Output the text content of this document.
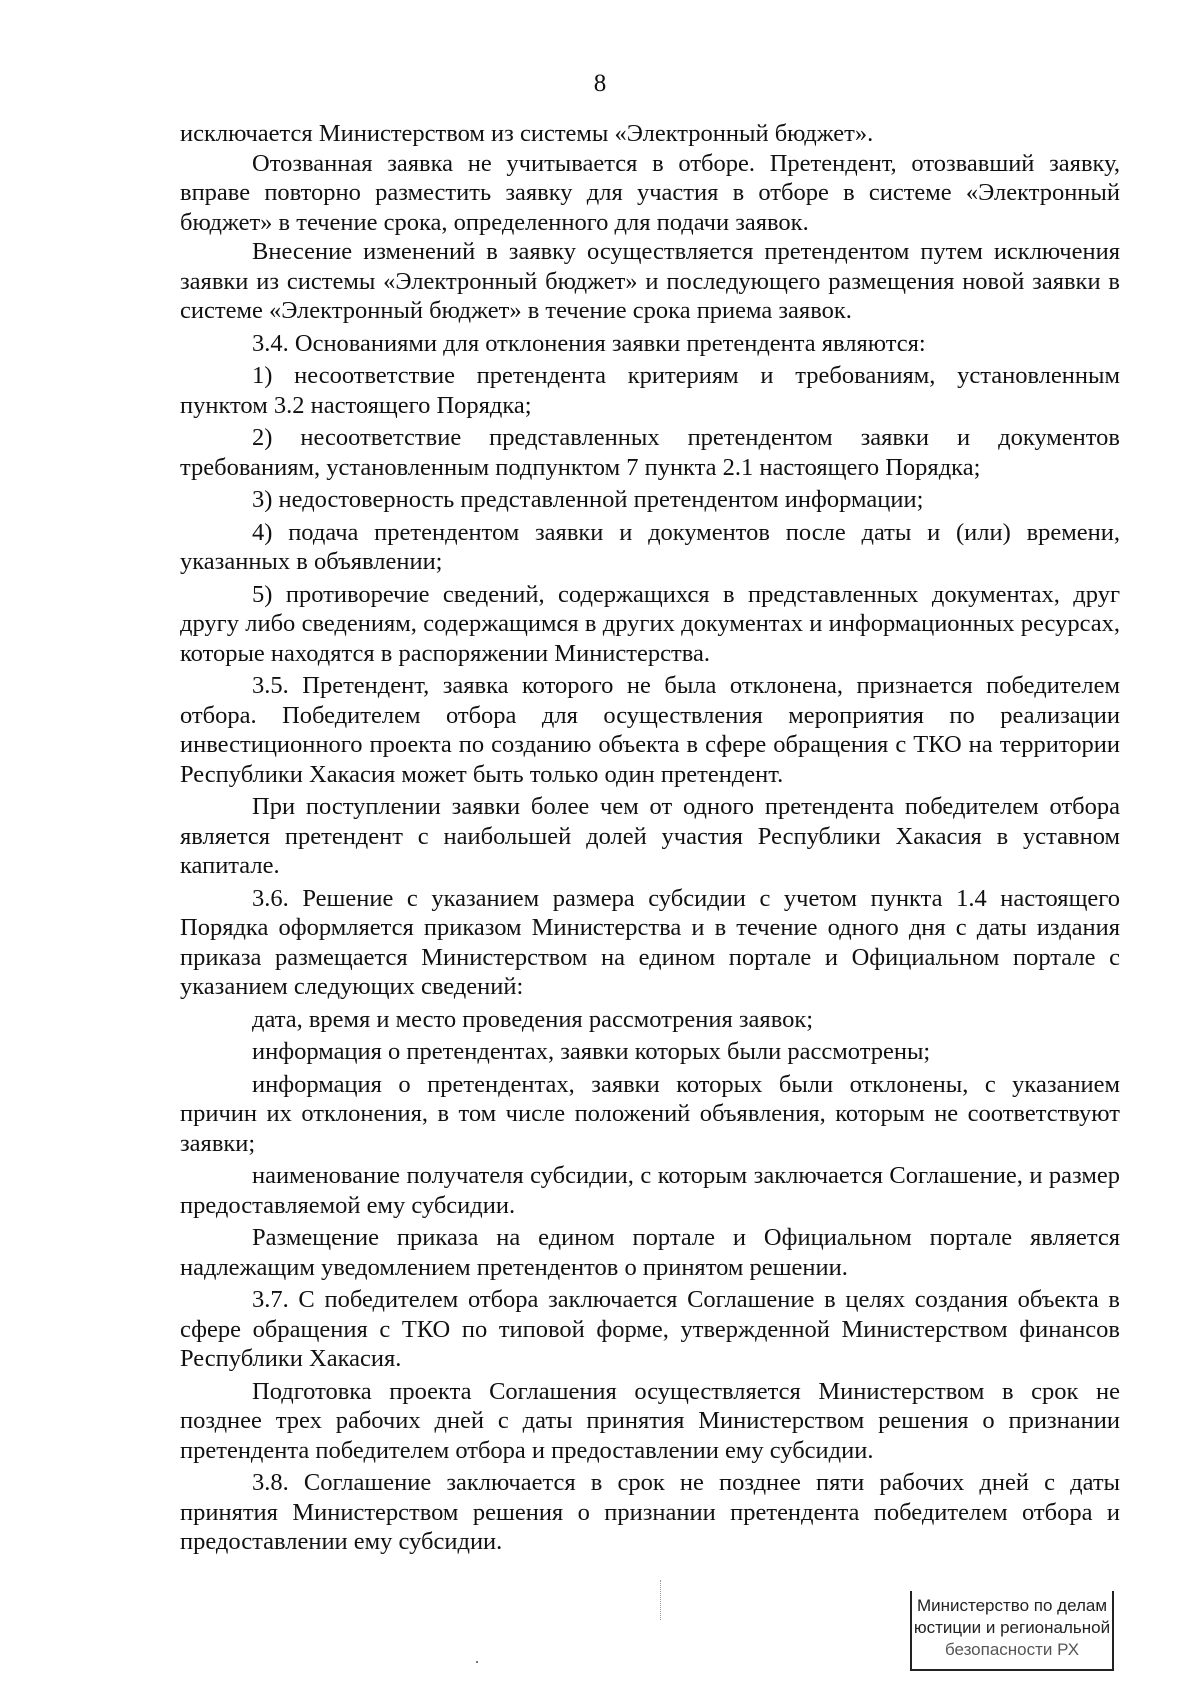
8

исключается Министерством из системы «Электронный бюджет».

Отозванная заявка не учитывается в отборе. Претендент, отозвавший заявку, вправе повторно разместить заявку для участия в отборе в системе «Электронный бюджет» в течение срока, определенного для подачи заявок.

Внесение изменений в заявку осуществляется претендентом путем исключения заявки из системы «Электронный бюджет» и последующего размещения новой заявки в системе «Электронный бюджет» в течение срока приема заявок.

3.4. Основаниями для отклонения заявки претендента являются:

1) несоответствие претендента критериям и требованиям, установленным пунктом 3.2 настоящего Порядка;

2) несоответствие представленных претендентом заявки и документов требованиям, установленным подпунктом 7 пункта 2.1 настоящего Порядка;

3) недостоверность представленной претендентом информации;

4) подача претендентом заявки и документов после даты и (или) времени, указанных в объявлении;

5) противоречие сведений, содержащихся в представленных документах, друг другу либо сведениям, содержащимся в других документах и информационных ресурсах, которые находятся в распоряжении Министерства.

3.5. Претендент, заявка которого не была отклонена, признается победителем отбора. Победителем отбора для осуществления мероприятия по реализации инвестиционного проекта по созданию объекта в сфере обращения с ТКО на территории Республики Хакасия может быть только один претендент.

При поступлении заявки более чем от одного претендента победителем отбора является претендент с наибольшей долей участия Республики Хакасия в уставном капитале.

3.6. Решение с указанием размера субсидии с учетом пункта 1.4 настоящего Порядка оформляется приказом Министерства и в течение одного дня с даты издания приказа размещается Министерством на едином портале и Официальном портале с указанием следующих сведений:

дата, время и место проведения рассмотрения заявок;

информация о претендентах, заявки которых были рассмотрены;

информация о претендентах, заявки которых были отклонены, с указанием причин их отклонения, в том числе положений объявления, которым не соответствуют заявки;

наименование получателя субсидии, с которым заключается Соглашение, и размер предоставляемой ему субсидии.

Размещение приказа на едином портале и Официальном портале является надлежащим уведомлением претендентов о принятом решении.

3.7. С победителем отбора заключается Соглашение в целях создания объекта в сфере обращения с ТКО по типовой форме, утвержденной Министерством финансов Республики Хакасия.

Подготовка проекта Соглашения осуществляется Министерством в срок не позднее трех рабочих дней с даты принятия Министерством решения о признании претендента победителем отбора и предоставлении ему субсидии.

3.8. Соглашение заключается в срок не позднее пяти рабочих дней с даты принятия Министерством решения о признании претендента победителем отбора и предоставлении ему субсидии.

Министерство по делам
юстиции и региональной
безопасности РХ
